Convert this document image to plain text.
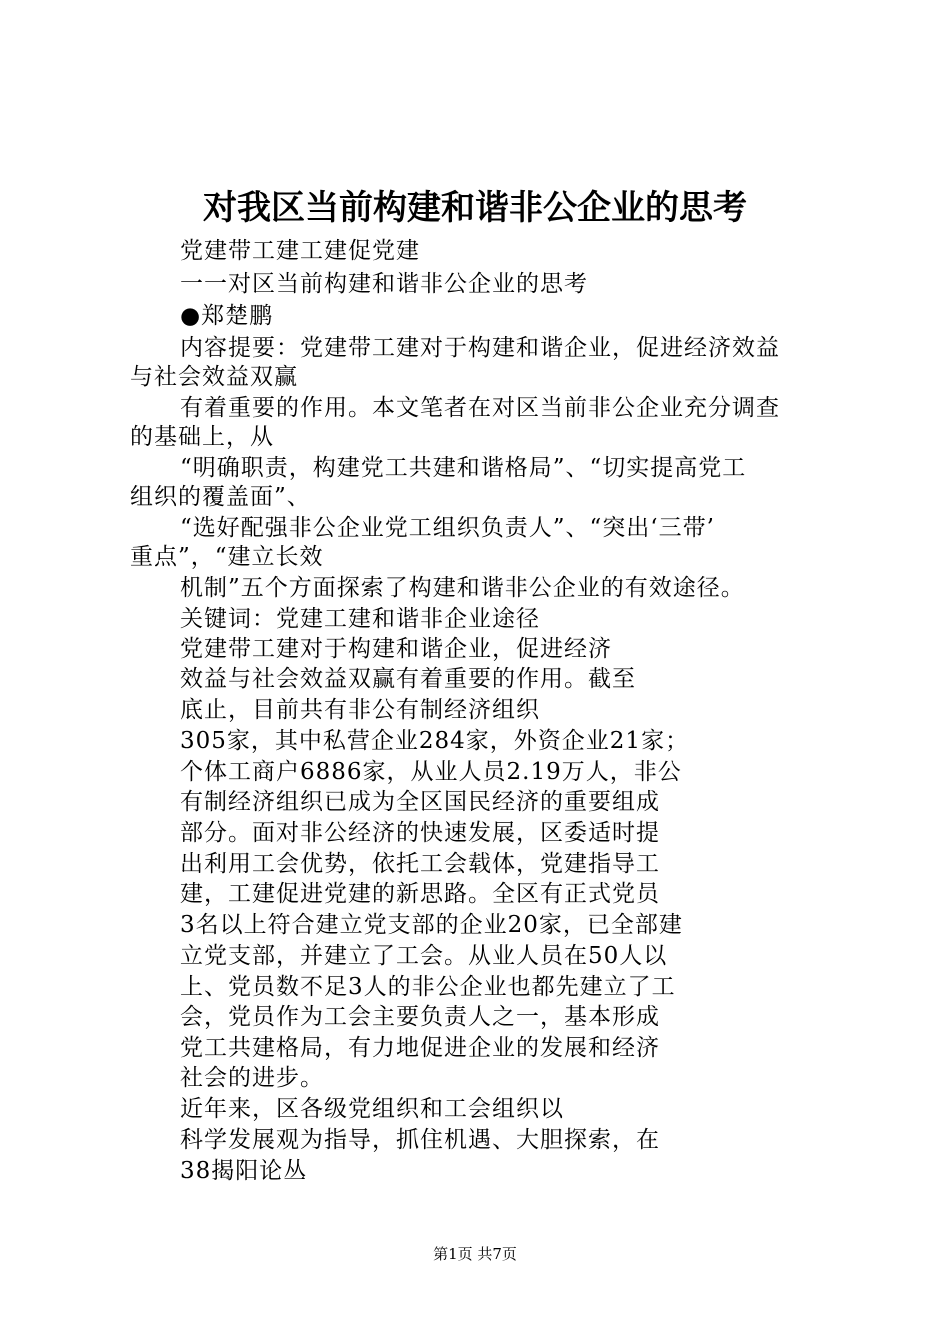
对我区当前构建和谐非公企业的思考
党建带工建工建促党建
一一对区当前构建和谐非公企业的思考
●郑楚鹏
内容提要：党建带工建对于构建和谐企业，促进经济效益
与社会效益双赢
有着重要的作用。本文笔者在对区当前非公企业充分调查
的基础上，从
“明确职责，构建党工共建和谐格局”、“切实提高党工
组织的覆盖面”、
“选好配强非公企业党工组织负责人”、“突出‘三带’
重点”，“建立长效
机制”五个方面探索了构建和谐非公企业的有效途径。
关键词：党建工建和谐非企业途径
党建带工建对于构建和谐企业，促进经济
效益与社会效益双赢有着重要的作用。截至
底止，目前共有非公有制经济组织
305家，其中私营企业284家，外资企业21家；
个体工商户6886家，从业人员2.19万人，非公
有制经济组织已成为全区国民经济的重要组成
部分。面对非公经济的快速发展，区委适时提
出利用工会优势，依托工会载体，党建指导工
建，工建促进党建的新思路。全区有正式党员
3名以上符合建立党支部的企业20家，已全部建
立党支部，并建立了工会。从业人员在50人以
上、党员数不足3人的非公企业也都先建立了工
会，党员作为工会主要负责人之一，基本形成
党工共建格局，有力地促进企业的发展和经济
社会的进步。
近年来，区各级党组织和工会组织以
科学发展观为指导，抓住机遇、大胆探索，在
38揭阳论丛
第1页 共7页
